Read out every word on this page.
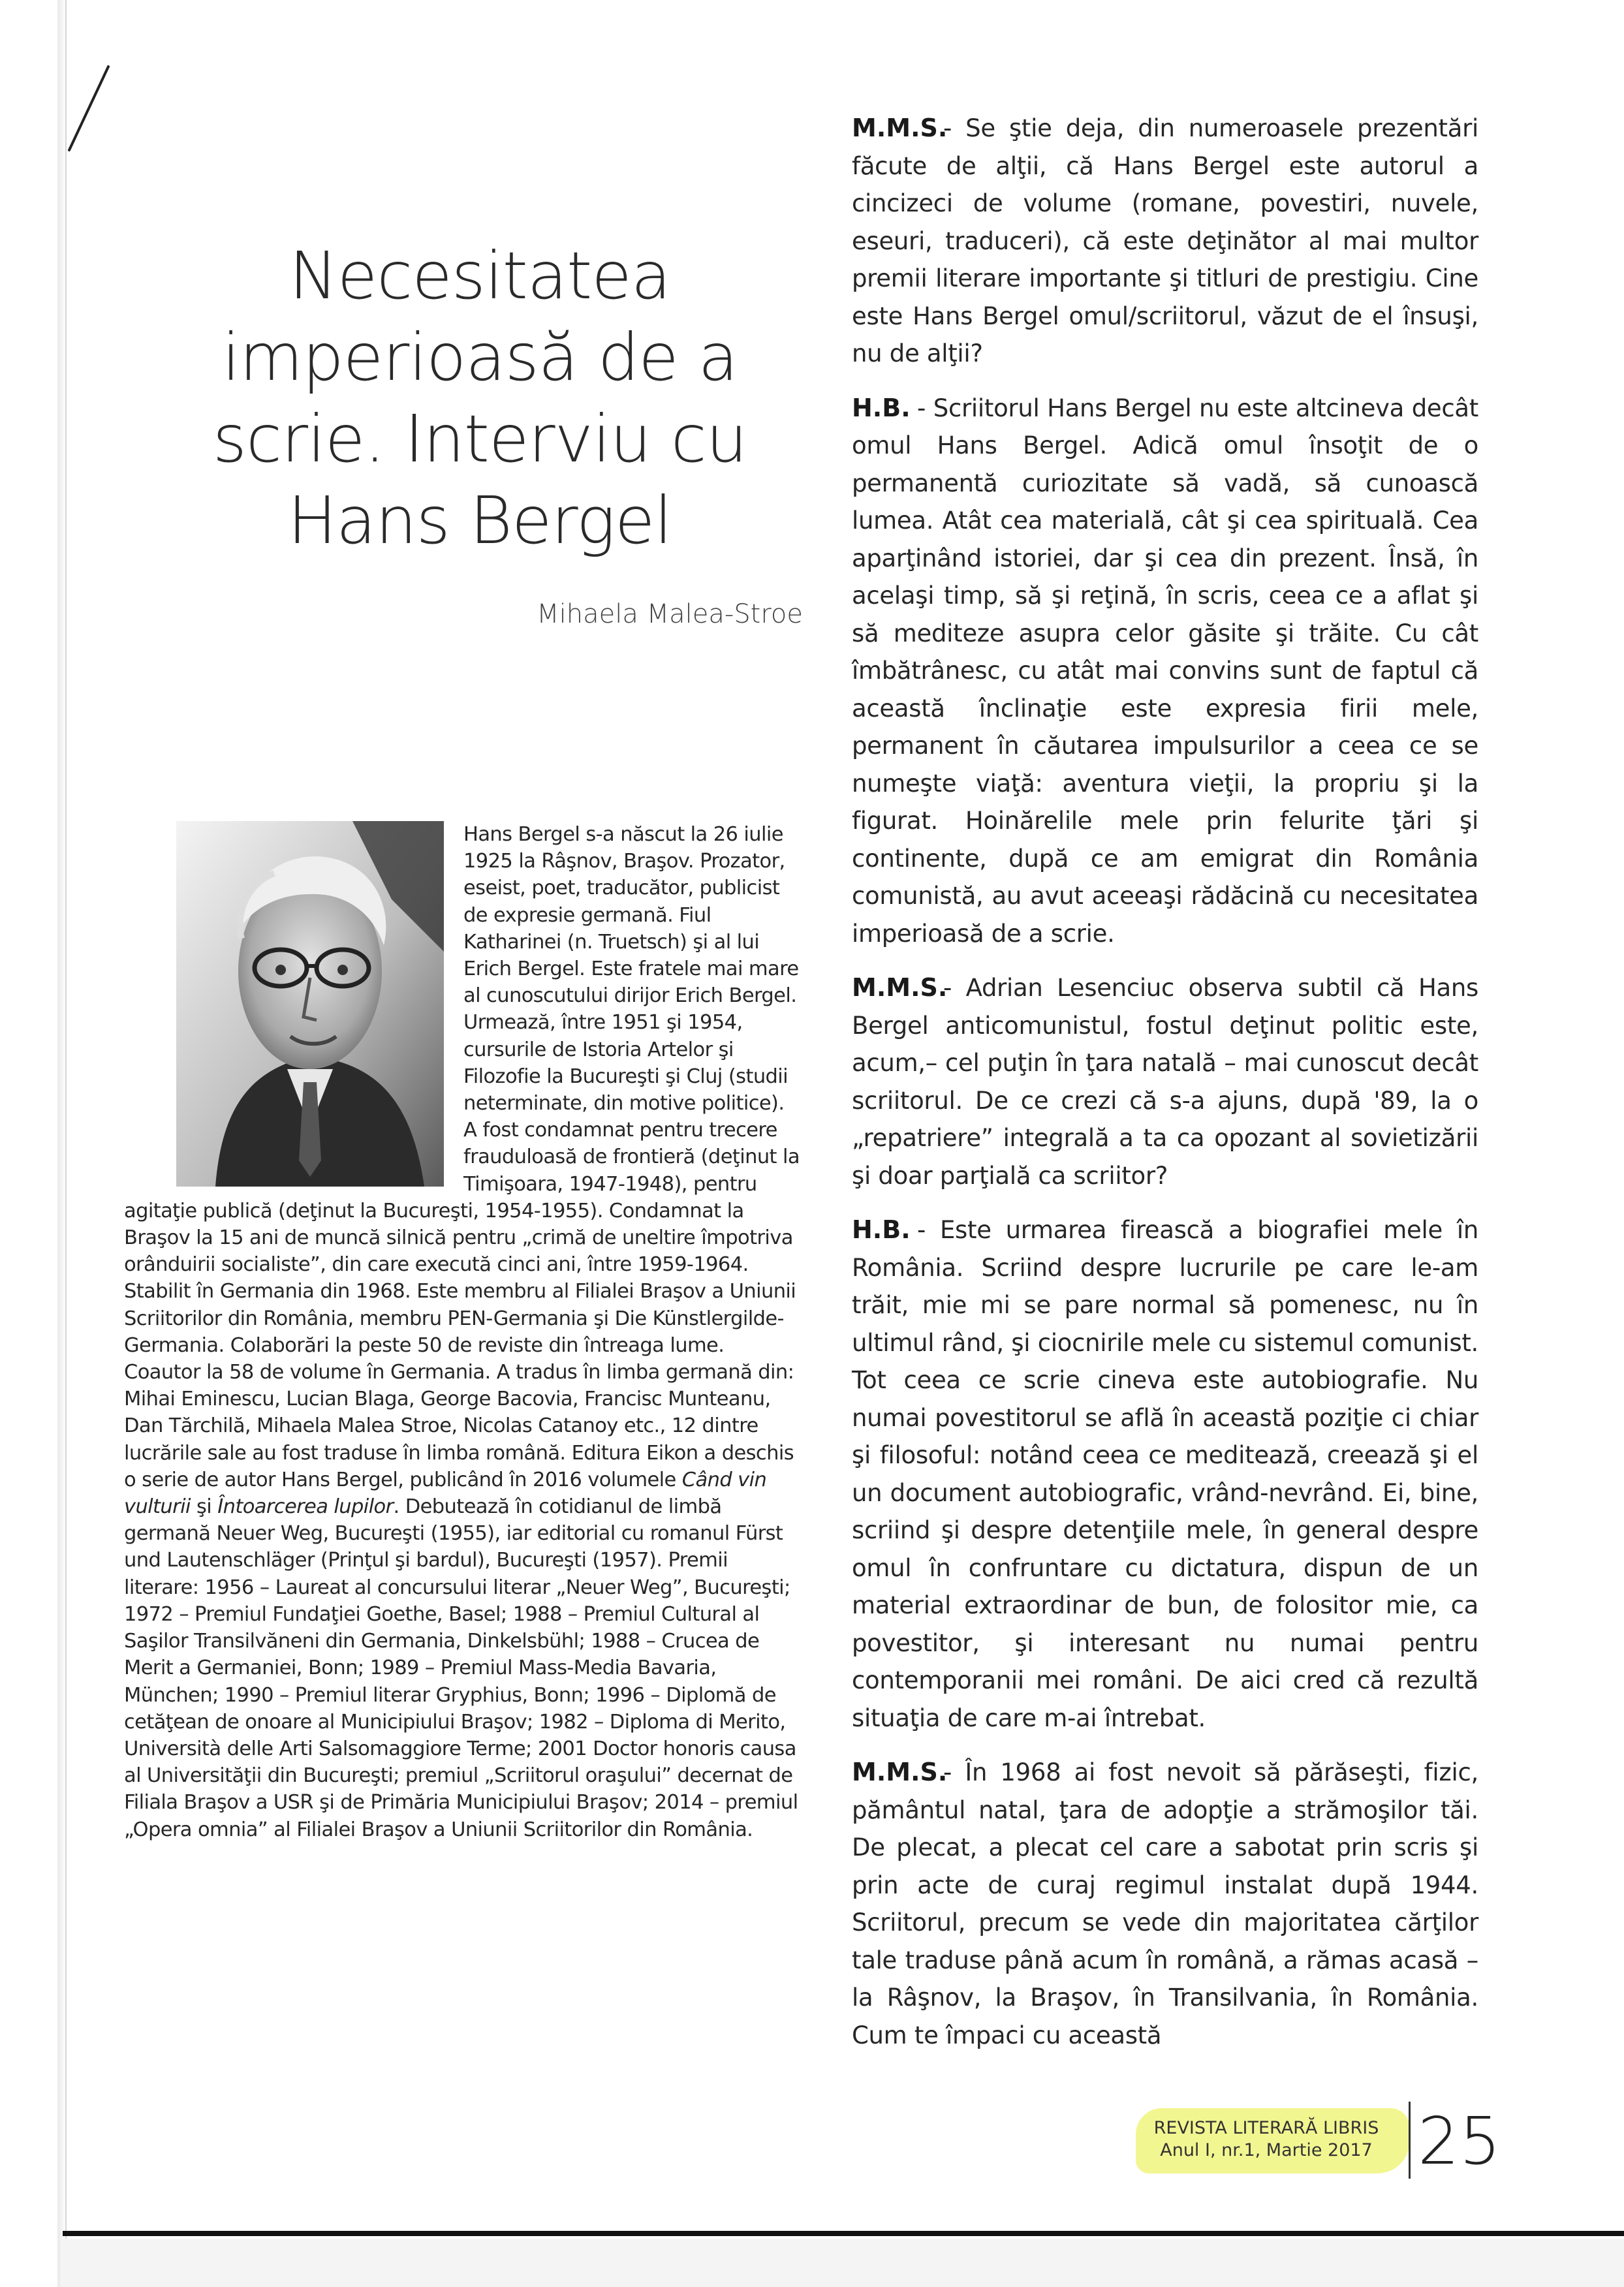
Necesitatea imperioasă de a scrie. Interviu cu Hans Bergel
Mihaela Malea-Stroe

Hans Bergel s-a născut la 26 iulie 1925 la Râşnov, Braşov. Prozator, eseist, poet, traducător, publicist de expresie germană. Fiul Katharinei (n. Truetsch) şi al lui Erich Bergel. Este fratele mai mare al cunoscutului dirijor Erich Bergel. Urmează, între 1951 şi 1954, cursurile de Istoria Artelor şi Filozofie la Bucureşti şi Cluj (studii neterminate, din motive politice). A fost condamnat pentru trecere frauduloasă de frontieră (deţinut la Timişoara, 1947-1948), pentru agitaţie publică (deţinut la Bucureşti, 1954-1955). Condamnat la Braşov la 15 ani de muncă silnică pentru „crimă de uneltire împotriva orânduirii socialiste”, din care execută cinci ani, între 1959-1964. Stabilit în Germania din 1968. Este membru al Filialei Braşov a Uniunii Scriitorilor din România, membru PEN-Germania şi Die Künstlergilde-Germania. Colaborări la peste 50 de reviste din întreaga lume. Coautor la 58 de volume în Germania. A tradus în limba germană din: Mihai Eminescu, Lucian Blaga, George Bacovia, Francisc Munteanu, Dan Tărchilă, Mihaela Malea Stroe, Nicolas Catanoy etc., 12 dintre lucrările sale au fost traduse în limba română. Editura Eikon a deschis o serie de autor Hans Bergel, publicând în 2016 volumele Când vin vulturii şi Întoarcerea lupilor. Debutează în cotidianul de limbă germană Neuer Weg, Bucureşti (1955), iar editorial cu romanul Fürst und Lautenschläger (Prinţul şi bardul), Bucureşti (1957). Premii literare: 1956 – Laureat al concursului literar „Neuer Weg”, Bucureşti; 1972 – Premiul Fundaţiei Goethe, Basel; 1988 – Premiul Cultural al Saşilor Transilvăneni din Germania, Dinkelsbühl; 1988 – Crucea de Merit a Germaniei, Bonn; 1989 – Premiul Mass-Media Bavaria, München; 1990 – Premiul literar Gryphius, Bonn; 1996 – Diplomă de cetăţean de onoare al Municipiului Braşov; 1982 – Diploma di Merito, Università delle Arti Salsomaggiore Terme; 2001 Doctor honoris causa al Universităţii din Bucureşti; premiul „Scriitorul oraşului” decernat de Filiala Braşov a USR şi de Primăria Municipiului Braşov; 2014 – premiul „Opera omnia” al Filialei Braşov a Uniunii Scriitorilor din România.

M.M.S.

- Se ştie deja, din numeroasele prezentări făcute de alţii, că Hans Bergel este autorul a cincizeci de volume (romane, povestiri, nuvele, eseuri, traduceri), că este deţinător al mai multor premii literare importante şi titluri de prestigiu. Cine este Hans Bergel omul/scriitorul, văzut de el însuşi, nu de alţii?

H.B. - Scriitorul Hans Bergel nu este altcineva decât omul Hans Bergel. Adică omul însoţit de o permanentă curiozitate să vadă, să cunoască lumea. Atât cea materială, cât şi cea spirituală. Cea aparţinând istoriei, dar şi cea din prezent. Însă, în acelaşi timp, să şi reţină, în scris, ceea ce a aflat şi să mediteze asupra celor găsite şi trăite. Cu cât îmbătrânesc, cu atât mai convins sunt de faptul că această înclinaţie este expresia firii mele, permanent în căutarea impulsurilor a ceea ce se numeşte viaţă: aventura vieţii, la propriu şi la figurat. Hoinărelile mele prin felurite ţări şi continente, după ce am emigrat din România comunistă, au avut aceeaşi rădăcină cu necesitatea imperioasă de a scrie.

M.M.S.

- Adrian Lesenciuc observa subtil că Hans Bergel anticomunistul, fostul deţinut politic este, acum,– cel puţin în ţara natală – mai cunoscut decât scriitorul. De ce crezi că s-a ajuns, după '89, la o „repatriere” integrală a ta ca opozant al sovietizării şi doar parţială ca scriitor?

H.B. - Este urmarea firească a biografiei mele în România. Scriind despre lucrurile pe care le-am trăit, mie mi se pare normal să pomenesc, nu în ultimul rând, şi ciocnirile mele cu sistemul comunist. Tot ceea ce scrie cineva este autobiografie. Nu numai povestitorul se află în această poziţie ci chiar şi filosoful: notând ceea ce meditează, creează şi el un document autobiografic, vrând-nevrând. Ei, bine, scriind şi despre detenţiile mele, în general despre omul în confruntare cu dictatura, dispun de un material extraordinar de bun, de folositor mie, ca povestitor, şi interesant nu numai pentru contemporanii mei români. De aici cred că rezultă situaţia de care m-ai întrebat.

M.M.S.

- În 1968 ai fost nevoit să părăseşti, fizic, pământul natal, ţara de adopţie a strămoşilor tăi. De plecat, a plecat cel care a sabotat prin scris şi prin acte de curaj regimul instalat după 1944. Scriitorul, precum se vede din majoritatea cărţilor tale traduse până acum în română, a rămas acasă – la Râşnov, la Braşov, în Transilvania, în România. Cum te împaci cu această

REVISTA LITERARĂ LIBRIS
Anul I, nr.1, Martie 2017 25
